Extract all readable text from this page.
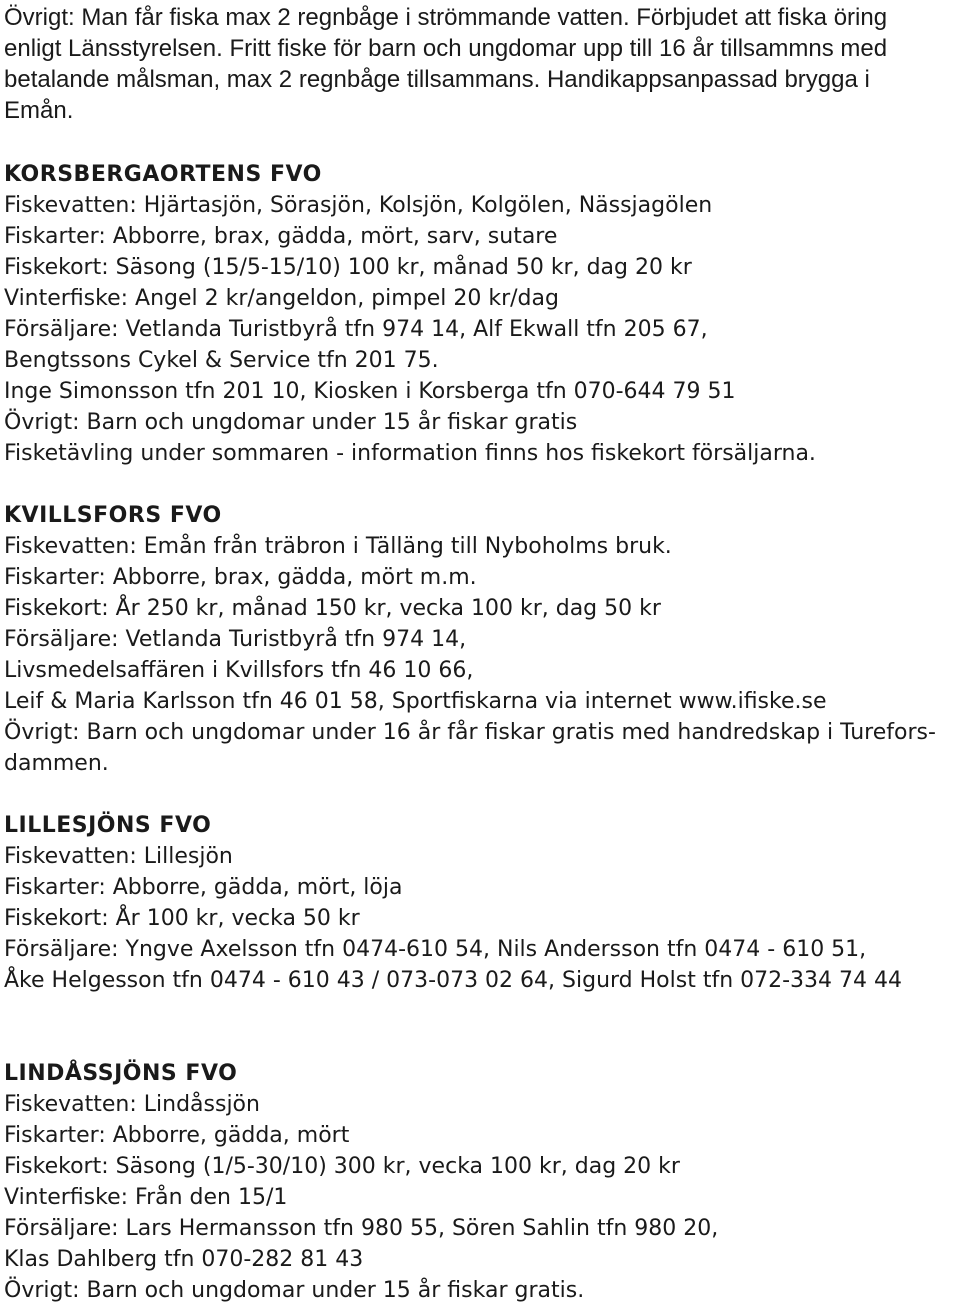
Övrigt: Man får fiska max 2 regnbåge i strömmande vatten. Förbjudet att fiska öring

enligt Länsstyrelsen. Fritt fiske för barn och ungdomar upp till 16 år tillsammns med

betalande målsman, max 2 regnbåge tillsammans. Handikappsanpassad brygga i

Emån.

KORSBERGAORTENS FVO
Fiskevatten: Hjärtasjön, Sörasjön, Kolsjön, Kolgölen, Nässjagölen
Fiskarter: Abborre, brax, gädda, mört, sarv, sutare
Fiskekort: Säsong (15/5-15/10) 100 kr, månad 50 kr, dag 20 kr
Vinterfiske: Angel 2 kr/angeldon, pimpel 20 kr/dag
Försäljare: Vetlanda Turistbyrå tfn 974 14, Alf Ekwall tfn 205 67,
Bengtssons Cykel & Service tfn 201 75.
Inge Simonsson tfn 201 10, Kiosken i Korsberga tfn 070-644 79 51
Övrigt: Barn och ungdomar under 15 år fiskar gratis
Fisketävling under sommaren - information finns hos fiskekort försäljarna.
KVILLSFORS FVO
Fiskevatten: Emån från träbron i Tälläng till Nyboholms bruk.
Fiskarter: Abborre, brax, gädda, mört m.m.
Fiskekort: År 250 kr, månad 150 kr, vecka 100 kr, dag 50 kr
Försäljare: Vetlanda Turistbyrå tfn 974 14,
Livsmedelsaffären i Kvillsfors tfn 46 10 66,
Leif & Maria Karlsson tfn 46 01 58, Sportfiskarna via internet www.ifiske.se
Övrigt: Barn och ungdomar under 16 år får fiskar gratis med handredskap i Turefors-
dammen.
LILLESJÖNS FVO
Fiskevatten: Lillesjön
Fiskarter: Abborre, gädda, mört, löja
Fiskekort: År 100 kr, vecka 50 kr
Försäljare: Yngve Axelsson tfn 0474-610 54, Nils Andersson tfn 0474 - 610 51,
Åke Helgesson tfn 0474 - 610 43 / 073-073 02 64, Sigurd Holst tfn 072-334 74 44
LINDÅSSJÖNS FVO
Fiskevatten: Lindåssjön
Fiskarter: Abborre, gädda, mört
Fiskekort: Säsong (1/5-30/10) 300 kr, vecka 100 kr, dag 20 kr
Vinterfiske: Från den 15/1
Försäljare: Lars Hermansson tfn 980 55, Sören Sahlin tfn 980 20,
Klas Dahlberg tfn 070-282 81 43
Övrigt: Barn och ungdomar under 15 år fiskar gratis.
